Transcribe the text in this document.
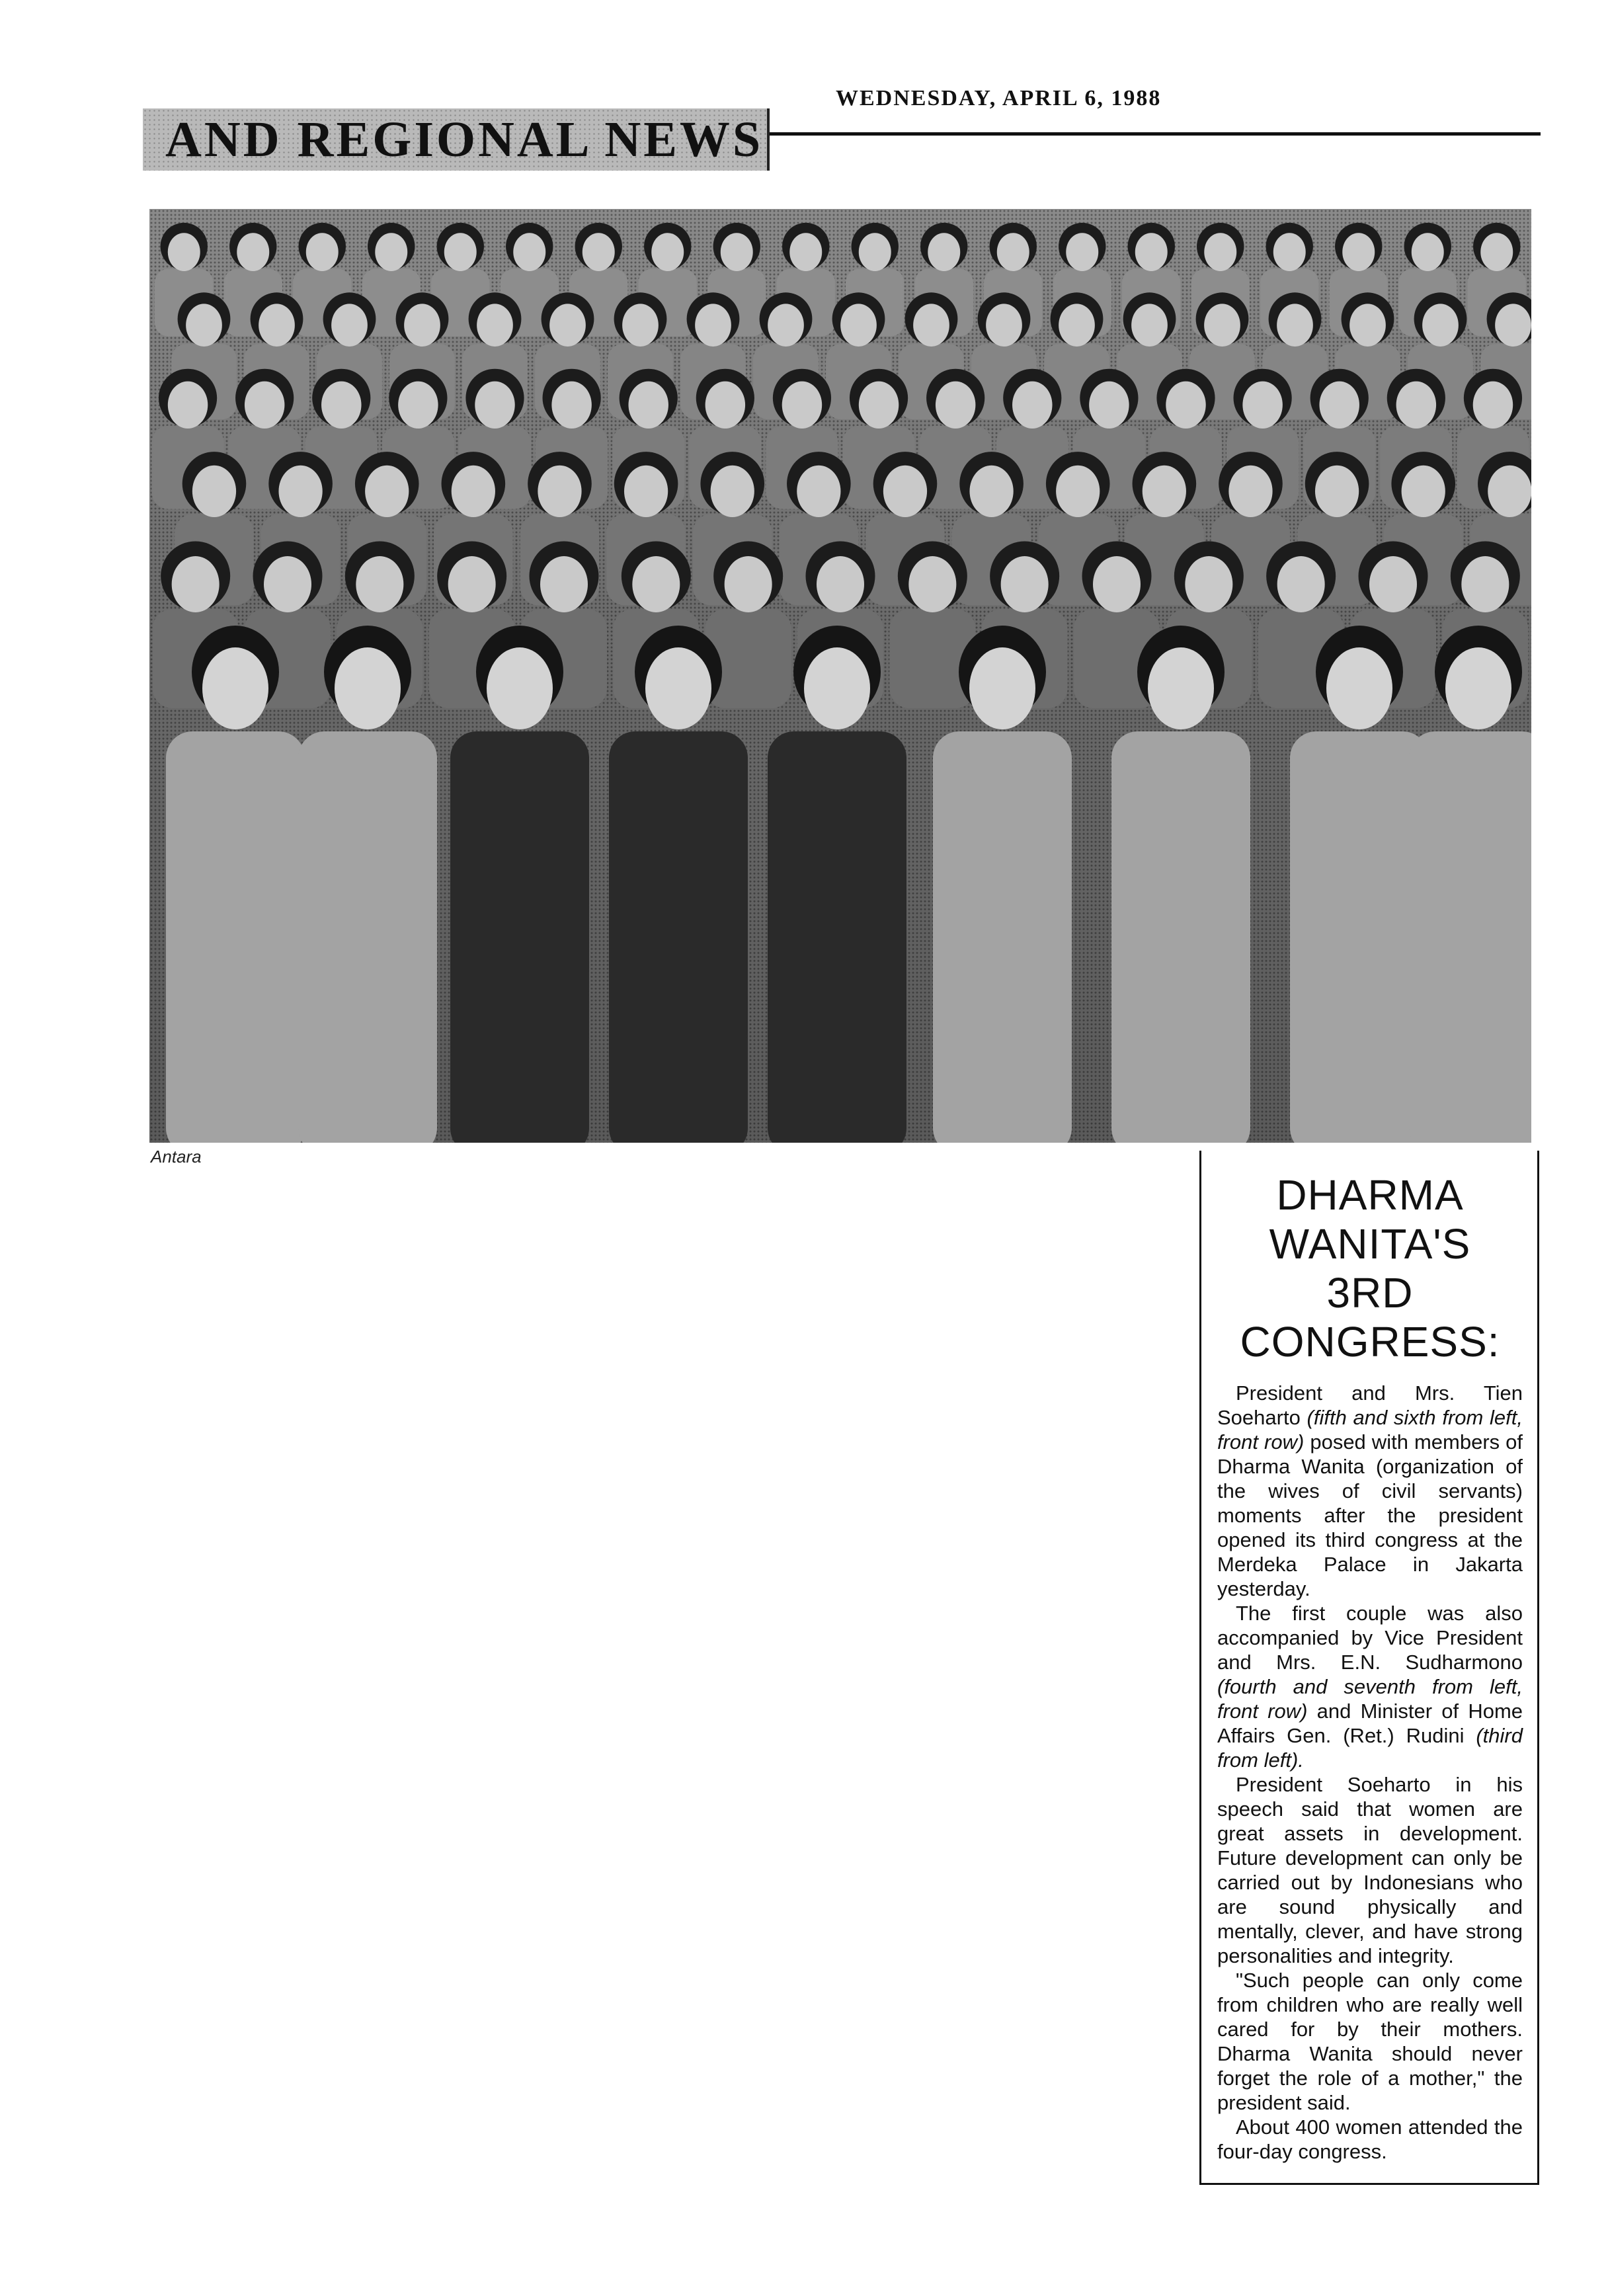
AND REGIONAL NEWS
WEDNESDAY, APRIL 6, 1988
Antara
DHARMA
WANITA'S
3RD CONGRESS:

President and Mrs. Tien Soeharto (fifth and sixth from left, front row) posed with members of Dharma Wanita (organization of the wives of civil servants) moments after the president opened its third congress at the Merdeka Palace in Jakarta yesterday.

The first couple was also accompanied by Vice President and Mrs. E.N. Sudharmono (fourth and seventh from left, front row) and Minister of Home Affairs Gen. (Ret.) Rudini (third from left).

President Soeharto in his speech said that women are great assets in development. Future development can only be carried out by Indonesians who are sound physically and mentally, clever, and have strong personalities and integrity.

"Such people can only come from children who are really well cared for by their mothers. Dharma Wanita should never forget the role of a mother," the president said.

About 400 women attended the four-day congress.
